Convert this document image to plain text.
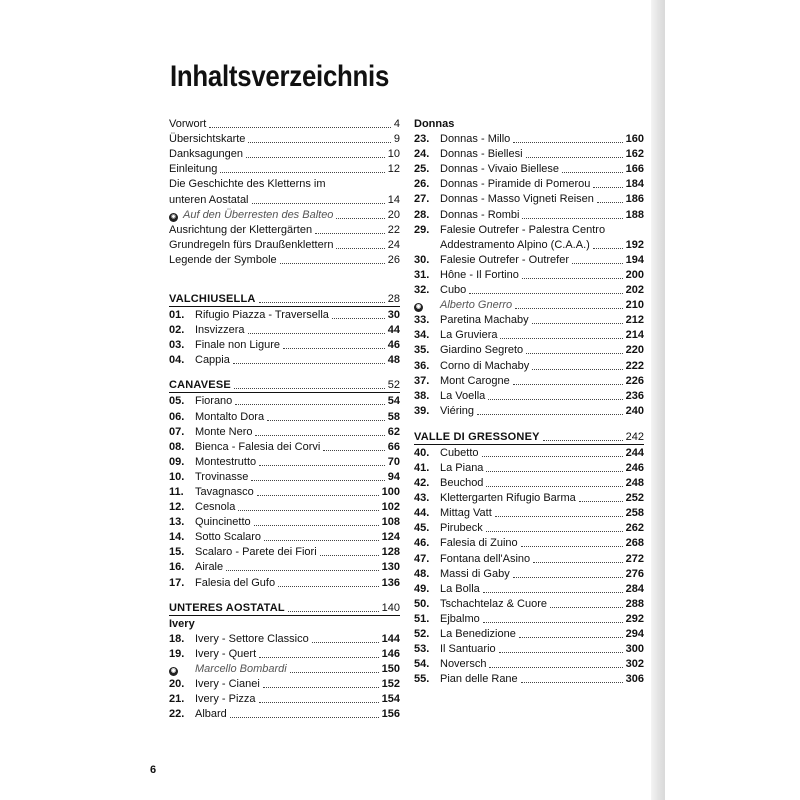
Inhaltsverzeichnis
Vorwort	4
Übersichtskarte	9
Danksagungen	10
Einleitung	12
Die Geschichte des Kletterns im
unteren Aostatal	14
◉ Auf den Überresten des Balteo	20
Ausrichtung der Klettergärten	22
Grundregeln fürs Draußenklettern	24
Legende der Symbole	26
VALCHIUSELLA	28
01. Rifugio Piazza - Traversella	30
02. Insvizzera	44
03. Finale non Ligure	46
04. Cappia	48
CANAVESE	52
05. Fiorano	54
06. Montalto Dora	58
07. Monte Nero	62
08. Bienca - Falesia dei Corvi	66
09. Montestrutto	70
10. Trovinasse	94
11.	Tavagnasco	100
12. Cesnola	102
13. Quincinetto	108
14. Sotto Scalaro	124
15. Scalaro - Parete dei Fiori	128
16. Airale	130
17. Falesia del Gufo	136
UNTERES AOSTATAL	140
Ivery
18. Ivery - Settore Classico	144
19. Ivery - Quert	146
◉ Marcello Bombardi	150
20. Ivery - Cianei	152
21. Ivery - Pizza	154
22. Albard	156
Donnas
23. Donnas - Millo	160
24. Donnas - Biellesi	162
25. Donnas - Vivaio Biellese	166
26. Donnas - Piramide di Pomerou	184
27. Donnas - Masso Vigneti Reisen	186
28. Donnas - Rombi	188
29. Falesie Outrefer - Palestra Centro
Addestramento Alpino (C.A.A.)	192
30. Falesie Outrefer - Outrefer	194
31. Hône - Il Fortino	200
32. Cubo	202
◉ Alberto Gnerro	210
33. Paretina Machaby	212
34. La Gruviera	214
35. Giardino Segreto	220
36. Corno di Machaby	222
37. Mont Carogne	226
38. La Voella	236
39. Viéring	240
VALLE DI GRESSONEY	242
40. Cubetto	244
41. La Piana	246
42. Beuchod	248
43. Klettergarten Rifugio Barma	252
44. Mittag Vatt	258
45. Pirubeck	262
46. Falesia di Zuino	268
47. Fontana dell'Asino	272
48. Massi di Gaby	276
49. La Bolla	284
50. Tschachtelaz & Cuore	288
51. Ejbalmo	292
52. La Benedizione	294
53. Il Santuario	300
54. Noversch	302
55. Pian delle Rane	306
6
